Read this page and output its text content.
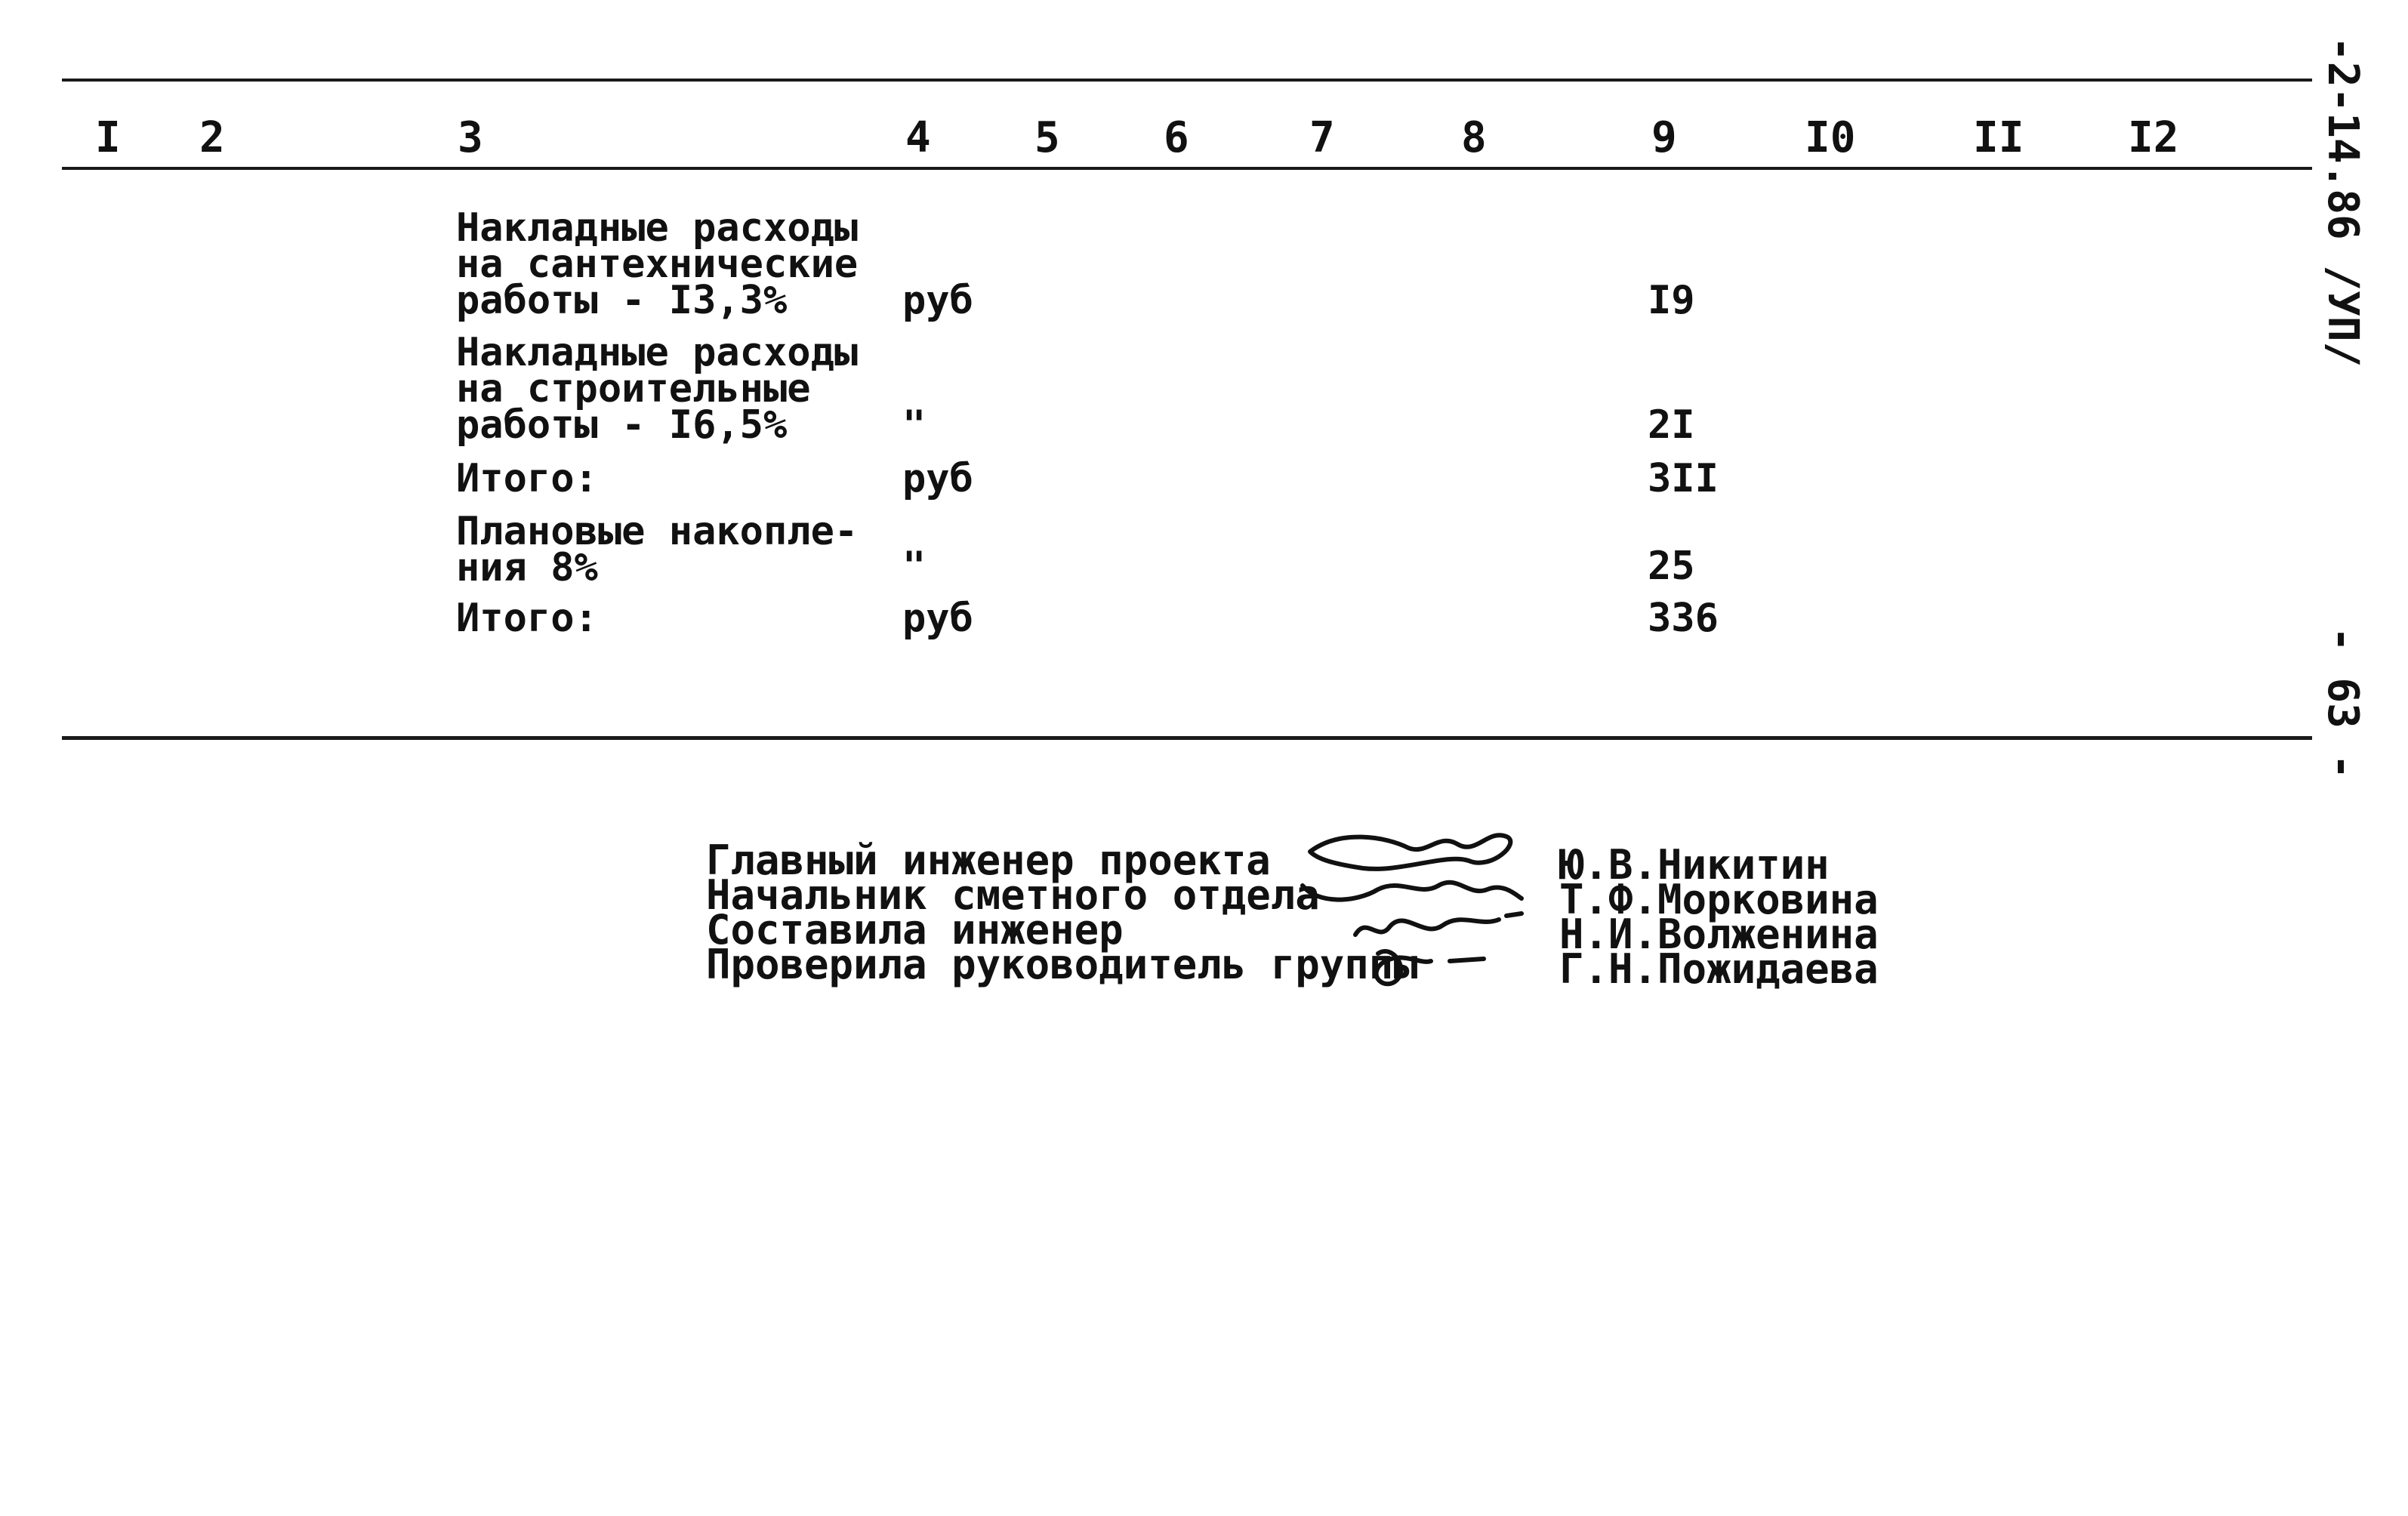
-2-14.86 /УП/
- 63 -
I 2	3	4 5 6	7	8	9	I0	II I2
Накладные расходы
на сантехнические
работы - I3,3%	руб	I9
Накладные расходы
на строительные
работы - I6,5%	"	2I
Итого:	руб	3II
Плановые накопле-
ния 8%	"	25
Итого:	руб	336
Главный инженер проекта	Ю.В.Никитин
Начальник сметного отдела	Т.Ф.Морковина
Составила инженер	Н.И.Волженина
Проверила руководитель группы	Г.Н.Пожидаева
